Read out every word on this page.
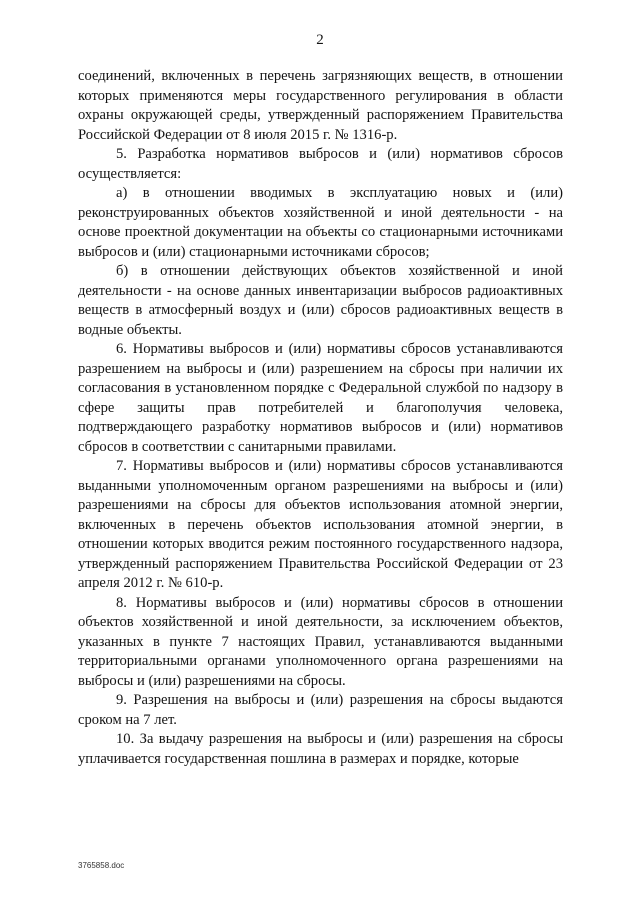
2

соединений, включенных в перечень загрязняющих веществ, в отношении которых применяются меры государственного регулирования в области охраны окружающей среды, утвержденный распоряжением Правительства Российской Федерации от 8 июля 2015 г. № 1316-р.

5. Разработка нормативов выбросов и (или) нормативов сбросов осуществляется:

а) в отношении вводимых в эксплуатацию новых и (или) реконструированных объектов хозяйственной и иной деятельности - на основе проектной документации на объекты со стационарными источниками выбросов и (или) стационарными источниками сбросов;

б) в отношении действующих объектов хозяйственной и иной деятельности - на основе данных инвентаризации выбросов радиоактивных веществ в атмосферный воздух и (или) сбросов радиоактивных веществ в водные объекты.

6. Нормативы выбросов и (или) нормативы сбросов устанавливаются разрешением на выбросы и (или) разрешением на сбросы при наличии их согласования в установленном порядке с Федеральной службой по надзору в сфере защиты прав потребителей и благополучия человека, подтверждающего разработку нормативов выбросов и (или) нормативов сбросов в соответствии с санитарными правилами.

7. Нормативы выбросов и (или) нормативы сбросов устанавливаются выданными уполномоченным органом разрешениями на выбросы и (или) разрешениями на сбросы для объектов использования атомной энергии, включенных в перечень объектов использования атомной энергии, в отношении которых вводится режим постоянного государственного надзора, утвержденный распоряжением Правительства Российской Федерации от 23 апреля 2012 г. № 610-р.

8. Нормативы выбросов и (или) нормативы сбросов в отношении объектов хозяйственной и иной деятельности, за исключением объектов, указанных в пункте 7 настоящих Правил, устанавливаются выданными территориальными органами уполномоченного органа разрешениями на выбросы и (или) разрешениями на сбросы.

9. Разрешения на выбросы и (или) разрешения на сбросы выдаются сроком на 7 лет.

10. За выдачу разрешения на выбросы и (или) разрешения на сбросы уплачивается государственная пошлина в размерах и порядке, которые

3765858.doc
